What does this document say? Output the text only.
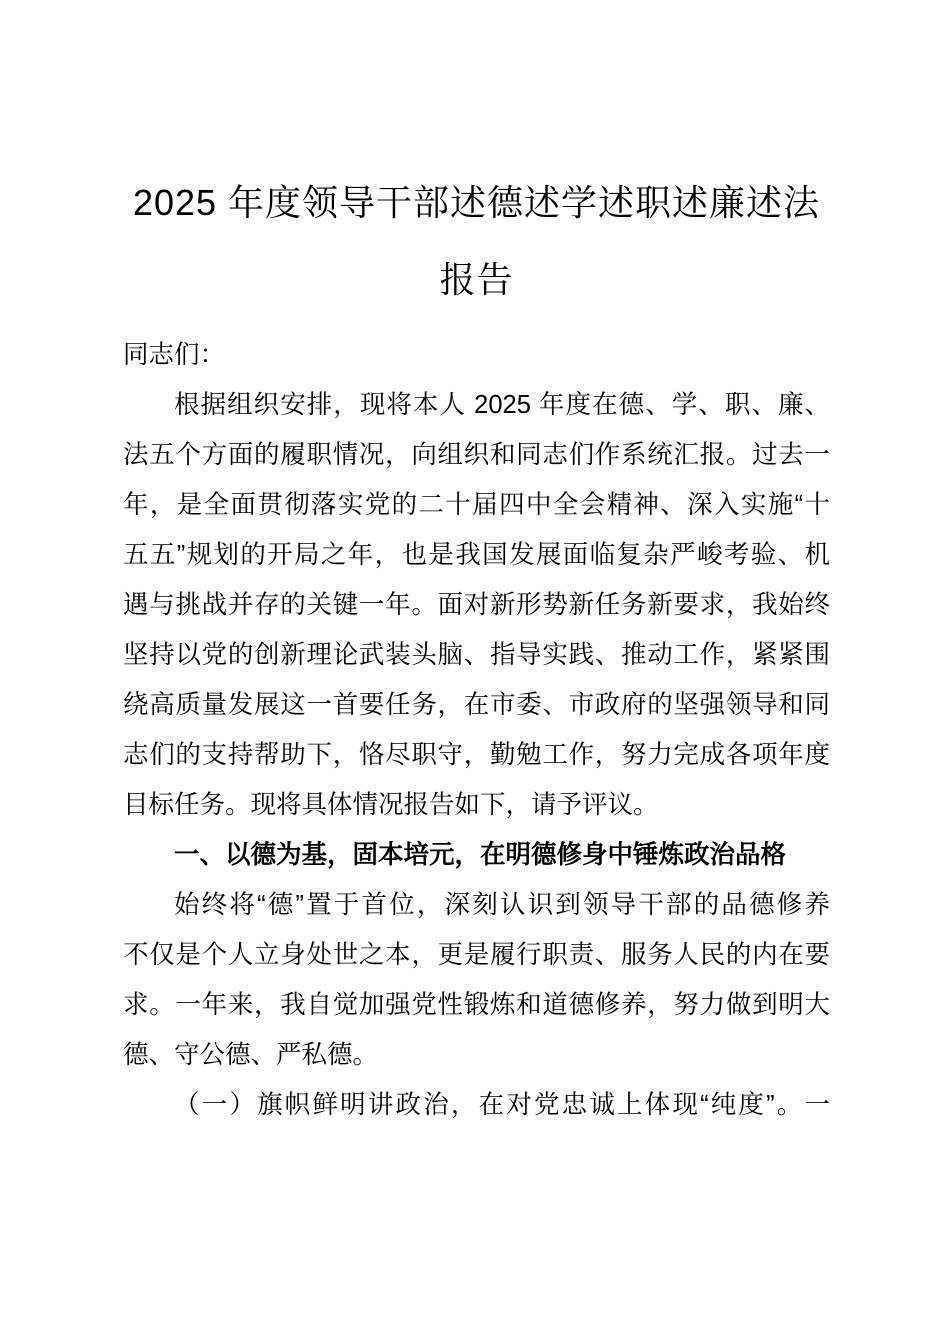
2025 年度领导干部述德述学述职述廉述法
报告
同志们：
根据组织安排，现将本人 2025 年度在德、学、职、廉、
法五个方面的履职情况，向组织和同志们作系统汇报。过去一
年，是全面贯彻落实党的二十届四中全会精神、深入实施“十
五五”规划的开局之年，也是我国发展面临复杂严峻考验、机
遇与挑战并存的关键一年。面对新形势新任务新要求，我始终
坚持以党的创新理论武装头脑、指导实践、推动工作，紧紧围
绕高质量发展这一首要任务，在市委、市政府的坚强领导和同
志们的支持帮助下，恪尽职守，勤勉工作，努力完成各项年度
目标任务。现将具体情况报告如下，请予评议。
一、以德为基，固本培元，在明德修身中锤炼政治品格
始终将“德”置于首位，深刻认识到领导干部的品德修养
不仅是个人立身处世之本，更是履行职责、服务人民的内在要
求。一年来，我自觉加强党性锻炼和道德修养，努力做到明大
德、守公德、严私德。
（一）旗帜鲜明讲政治，在对党忠诚上体现“纯度”。一
